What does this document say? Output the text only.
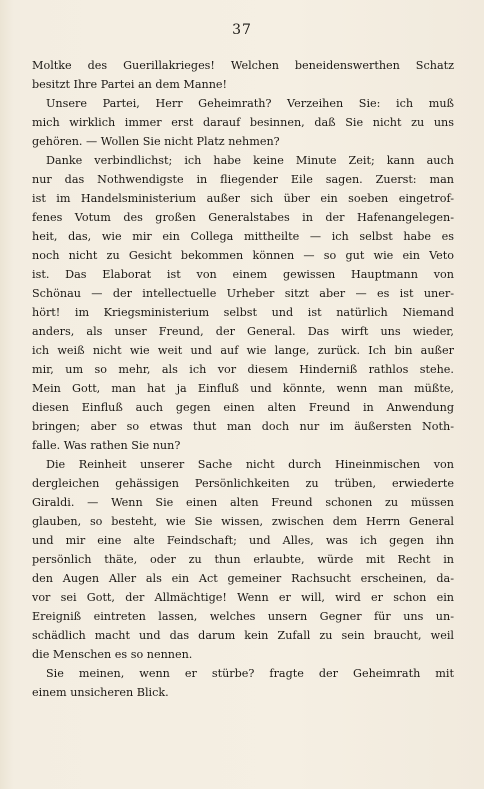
37
Moltke des Guerillakrieges! Welchen beneidenswerthen Schatz
besitzt Ihre Partei an dem Manne!
Unsere Partei, Herr Geheimrath? Verzeihen Sie: ich muß
mich wirklich immer erst darauf besinnen, daß Sie nicht zu uns
gehören. — Wollen Sie nicht Platz nehmen?
Danke verbindlichst; ich habe keine Minute Zeit; kann auch
nur das Nothwendigste in fliegender Eile sagen. Zuerst: man
ist im Handelsministerium außer sich über ein soeben eingetrof-
fenes Votum des großen Generalstabes in der Hafenangelegen-
heit, das, wie mir ein Collega mittheilte — ich selbst habe es
noch nicht zu Gesicht bekommen können — so gut wie ein Veto
ist. Das Elaborat ist von einem gewissen Hauptmann von
Schönau — der intellectuelle Urheber sitzt aber — es ist uner-
hört! im Kriegsministerium selbst und ist natürlich Niemand
anders, als unser Freund, der General. Das wirft uns wieder,
ich weiß nicht wie weit und auf wie lange, zurück. Ich bin außer
mir, um so mehr, als ich vor diesem Hinderniß rathlos stehe.
Mein Gott, man hat ja Einfluß und könnte, wenn man müßte,
diesen Einfluß auch gegen einen alten Freund in Anwendung
bringen; aber so etwas thut man doch nur im äußersten Noth-
falle. Was rathen Sie nun?
Die Reinheit unserer Sache nicht durch Hineinmischen von
dergleichen gehässigen Persönlichkeiten zu trüben, erwiederte
Giraldi. — Wenn Sie einen alten Freund schonen zu müssen
glauben, so besteht, wie Sie wissen, zwischen dem Herrn General
und mir eine alte Feindschaft; und Alles, was ich gegen ihn
persönlich thäte, oder zu thun erlaubte, würde mit Recht in
den Augen Aller als ein Act gemeiner Rachsucht erscheinen, da-
vor sei Gott, der Allmächtige! Wenn er will, wird er schon ein
Ereigniß eintreten lassen, welches unsern Gegner für uns un-
schädlich macht und das darum kein Zufall zu sein braucht, weil
die Menschen es so nennen.
Sie meinen, wenn er stürbe? fragte der Geheimrath mit
einem unsicheren Blick.
